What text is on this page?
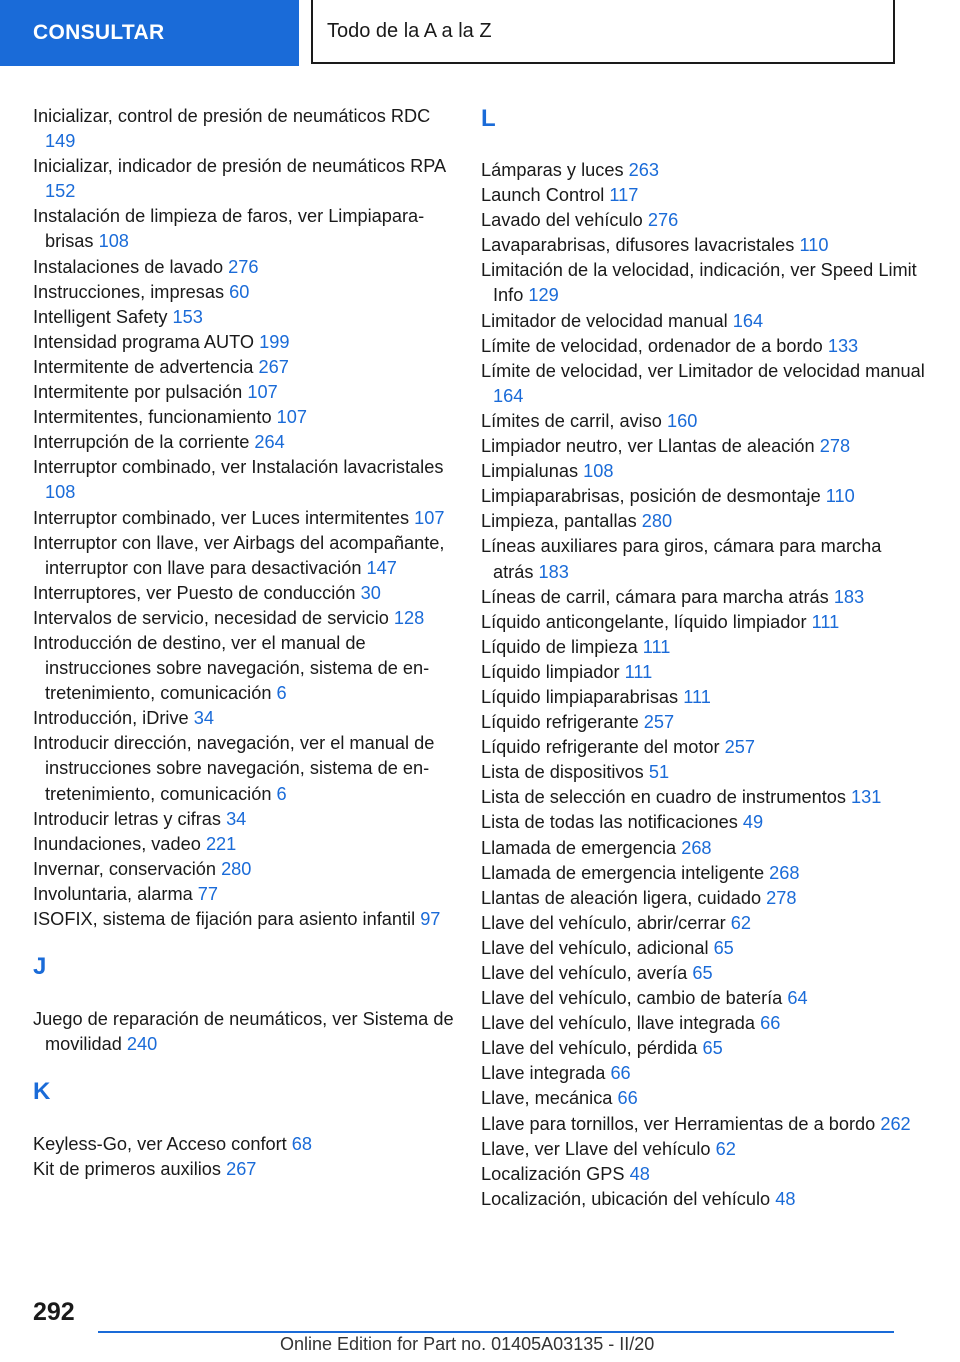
CONSULTAR	Todo de la A a la Z
Inicializar, control de presión de neumáticos RDC 149
Inicializar, indicador de presión de neumáticos RPA 152
Instalación de limpieza de faros, ver Limpiaparabrisas 108
Instalaciones de lavado 276
Instrucciones, impresas 60
Intelligent Safety 153
Intensidad programa AUTO 199
Intermitente de advertencia 267
Intermitente por pulsación 107
Intermitentes, funcionamiento 107
Interrupción de la corriente 264
Interruptor combinado, ver Instalación lavacristales 108
Interruptor combinado, ver Luces intermitentes 107
Interruptor con llave, ver Airbags del acompañante, interruptor con llave para desactivación 147
Interruptores, ver Puesto de conducción 30
Intervalos de servicio, necesidad de servicio 128
Introducción de destino, ver el manual de instrucciones sobre navegación, sistema de entretenimiento, comunicación 6
Introducción, iDrive 34
Introducir dirección, navegación, ver el manual de instrucciones sobre navegación, sistema de entretenimiento, comunicación 6
Introducir letras y cifras 34
Inundaciones, vadeo 221
Invernar, conservación 280
Involuntaria, alarma 77
ISOFIX, sistema de fijación para asiento infantil 97
J
Juego de reparación de neumáticos, ver Sistema de movilidad 240
K
Keyless-Go, ver Acceso confort 68
Kit de primeros auxilios 267
L
Lámparas y luces 263
Launch Control 117
Lavado del vehículo 276
Lavaparabrisas, difusores lavacristales 110
Limitación de la velocidad, indicación, ver Speed Limit Info 129
Limitador de velocidad manual 164
Límite de velocidad, ordenador de a bordo 133
Límite de velocidad, ver Limitador de velocidad manual 164
Límites de carril, aviso 160
Limpiador neutro, ver Llantas de aleación 278
Limpialunas 108
Limpiaparabrisas, posición de desmontaje 110
Limpieza, pantallas 280
Líneas auxiliares para giros, cámara para marcha atrás 183
Líneas de carril, cámara para marcha atrás 183
Líquido anticongelante, líquido limpiador 111
Líquido de limpieza 111
Líquido limpiador 111
Líquido limpiaparabrisas 111
Líquido refrigerante 257
Líquido refrigerante del motor 257
Lista de dispositivos 51
Lista de selección en cuadro de instrumentos 131
Lista de todas las notificaciones 49
Llamada de emergencia 268
Llamada de emergencia inteligente 268
Llantas de aleación ligera, cuidado 278
Llave del vehículo, abrir/cerrar 62
Llave del vehículo, adicional 65
Llave del vehículo, avería 65
Llave del vehículo, cambio de batería 64
Llave del vehículo, llave integrada 66
Llave del vehículo, pérdida 65
Llave integrada 66
Llave, mecánica 66
Llave para tornillos, ver Herramientas de a bordo 262
Llave, ver Llave del vehículo 62
Localización GPS 48
Localización, ubicación del vehículo 48
292
Online Edition for Part no. 01405A03135 - II/20
